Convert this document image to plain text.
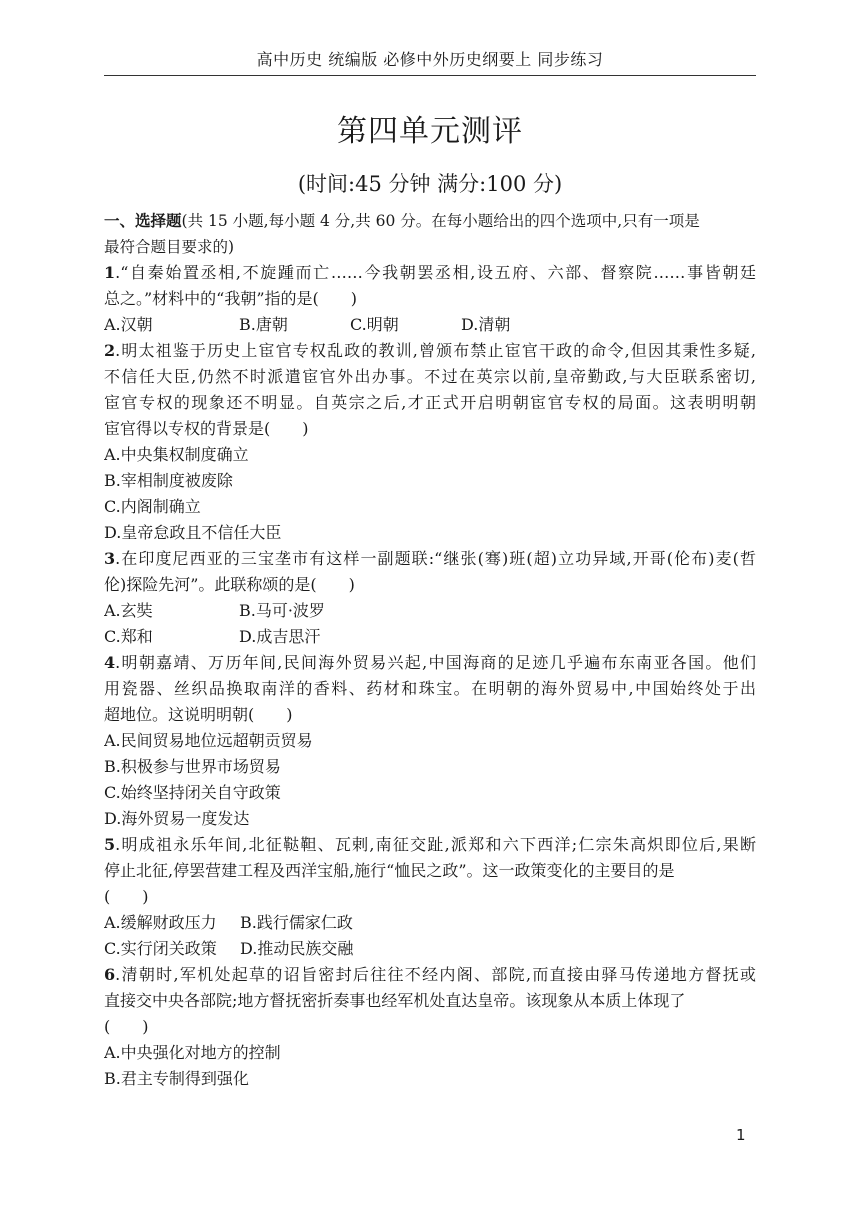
高中历史 统编版 必修中外历史纲要上 同步练习
第四单元测评
(时间:45 分钟 满分:100 分)
一、选择题(共 15 小题,每小题 4 分,共 60 分。在每小题给出的四个选项中,只有一项是
最符合题目要求的)
1.“自秦始置丞相,不旋踵而亡……今我朝罢丞相,设五府、六部、督察院……事皆朝廷
总之。”材料中的“我朝”指的是(　　)
A.汉朝	B.唐朝	C.明朝	D.清朝
2.明太祖鉴于历史上宦官专权乱政的教训,曾颁布禁止宦官干政的命令,但因其秉性多疑,
不信任大臣,仍然不时派遣宦官外出办事。不过在英宗以前,皇帝勤政,与大臣联系密切,
宦官专权的现象还不明显。自英宗之后,才正式开启明朝宦官专权的局面。这表明明朝
宦官得以专权的背景是(　　)
A.中央集权制度确立
B.宰相制度被废除
C.内阁制确立
D.皇帝怠政且不信任大臣
3.在印度尼西亚的三宝垄市有这样一副题联:“继张(骞)班(超)立功异域,开哥(伦布)麦(哲
伦)探险先河”。此联称颂的是(　　)
A.玄奘	B.马可·波罗
C.郑和	D.成吉思汗
4.明朝嘉靖、万历年间,民间海外贸易兴起,中国海商的足迹几乎遍布东南亚各国。他们
用瓷器、丝织品换取南洋的香料、药材和珠宝。在明朝的海外贸易中,中国始终处于出
超地位。这说明明朝(　　)
A.民间贸易地位远超朝贡贸易
B.积极参与世界市场贸易
C.始终坚持闭关自守政策
D.海外贸易一度发达
5.明成祖永乐年间,北征鞑靼、瓦剌,南征交趾,派郑和六下西洋;仁宗朱高炽即位后,果断
停止北征,停罢营建工程及西洋宝船,施行“恤民之政”。这一政策变化的主要目的是
(　　)
A.缓解财政压力 B.践行儒家仁政
C.实行闭关政策 D.推动民族交融
6.清朝时,军机处起草的诏旨密封后往往不经内阁、部院,而直接由驿马传递地方督抚或
直接交中央各部院;地方督抚密折奏事也经军机处直达皇帝。该现象从本质上体现了
(　　)
A.中央强化对地方的控制
B.君主专制得到强化
1
